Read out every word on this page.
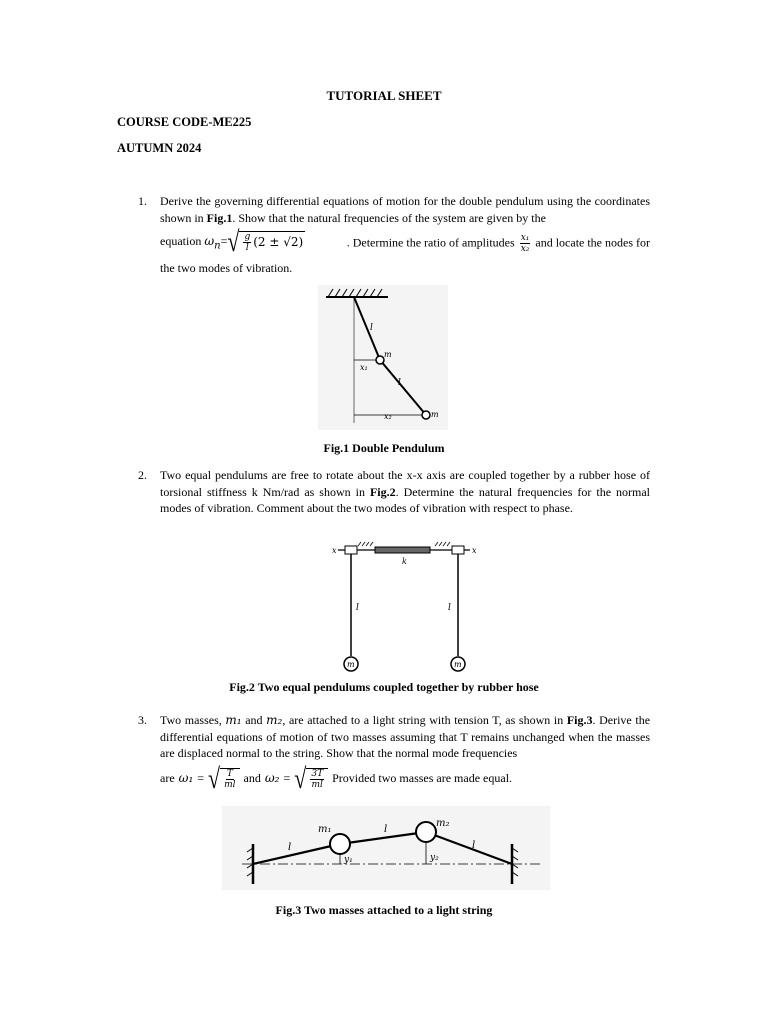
TUTORIAL SHEET
COURSE CODE-ME225
AUTUMN 2024
1. Derive the governing differential equations of motion for the double pendulum using the coordinates shown in Fig.1. Show that the natural frequencies of the system are given by the

equation $\omega_n=$ √ $\frac{g}{l} (2 \pm √2)$	. Determine the ratio of amplitudes $\frac{\text{x₁}}{\text{x₂}}$ and locate the nodes for

the two modes of vibration.

l
l
m
m
x₁
x₂
Fig.1 Double Pendulum
2. Two equal pendulums are free to rotate about the x-x axis are coupled together by a rubber hose of torsional stiffness k Nm/rad as shown in Fig.2. Determine the natural frequencies for the normal modes of vibration. Comment about the two modes of vibration with respect to phase.

x	x
k
l	l
m	m
Fig.2 Two equal pendulums coupled together by rubber hose
3. Two masses, m₁ and m₂, are attached to a light string with tension T, as shown in Fig.3. Derive the differential equations of motion of two masses assuming that T remains unchanged when the masses are displaced normal to the string. Show that the normal mode frequencies

are ω₁ = √ $\frac{T}{ml}$ and ω₂ = √ $\frac{3T}{ml}$ Provided two masses are made equal.
m₁
m₂
l
l
l
y₁	y₂
Fig.3 Two masses attached to a light string
